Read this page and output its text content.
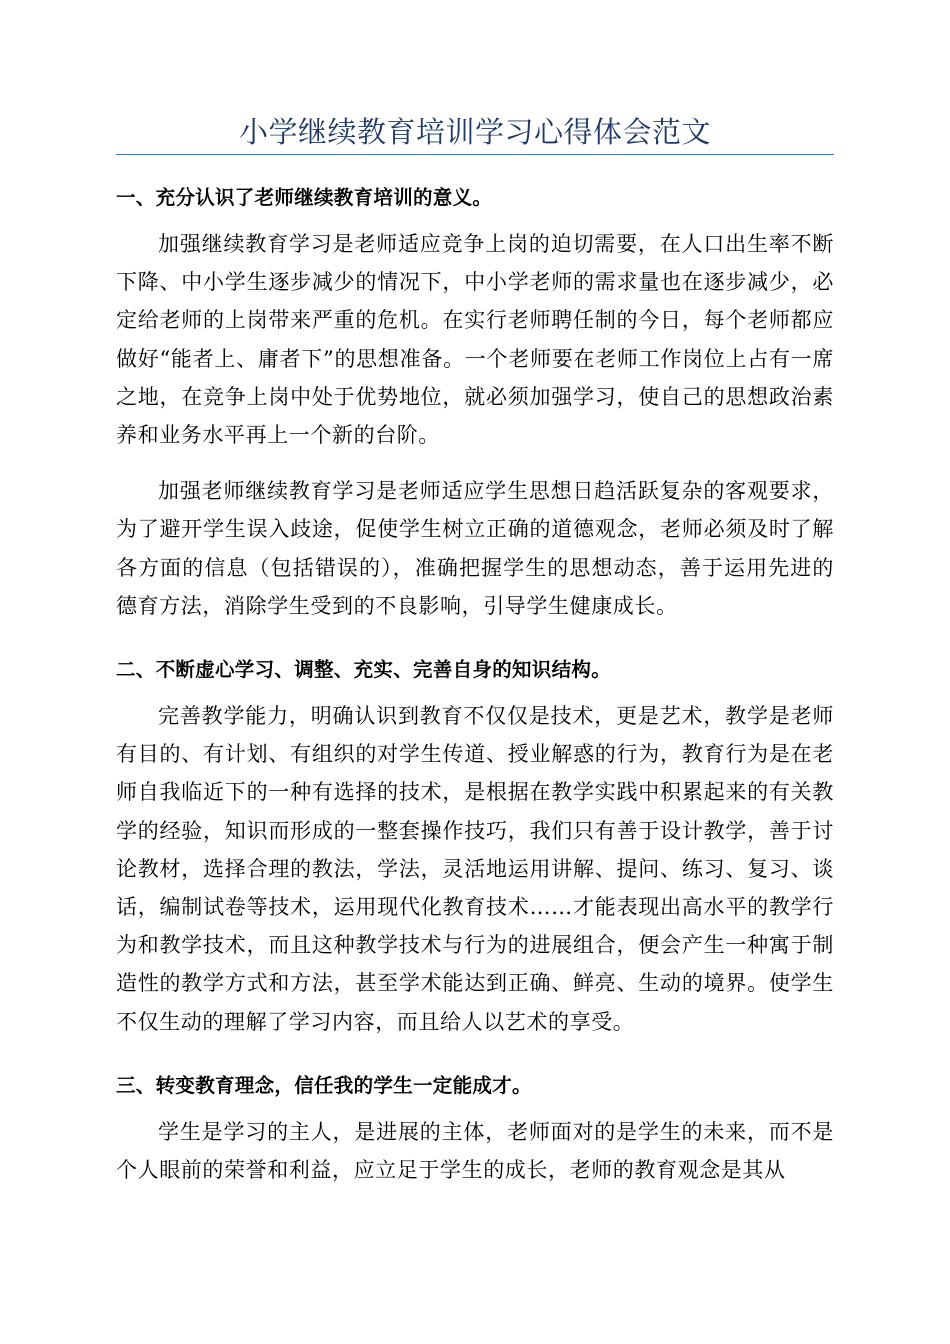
小学继续教育培训学习心得体会范文
一、充分认识了老师继续教育培训的意义。

加强继续教育学习是老师适应竞争上岗的迫切需要，在人口出生率不断下降、中小学生逐步减少的情况下，中小学老师的需求量也在逐步减少，必定给老师的上岗带来严重的危机。在实行老师聘任制的今日，每个老师都应做好“能者上、庸者下”的思想准备。一个老师要在老师工作岗位上占有一席之地，在竞争上岗中处于优势地位，就必须加强学习，使自己的思想政治素养和业务水平再上一个新的台阶。

加强老师继续教育学习是老师适应学生思想日趋活跃复杂的客观要求，为了避开学生误入歧途，促使学生树立正确的道德观念，老师必须及时了解各方面的信息（包括错误的），准确把握学生的思想动态，善于运用先进的德育方法，消除学生受到的不良影响，引导学生健康成长。

二、不断虚心学习、调整、充实、完善自身的知识结构。

完善教学能力，明确认识到教育不仅仅是技术，更是艺术，教学是老师有目的、有计划、有组织的对学生传道、授业解惑的行为，教育行为是在老师自我临近下的一种有选择的技术，是根据在教学实践中积累起来的有关教学的经验，知识而形成的一整套操作技巧，我们只有善于设计教学，善于讨论教材，选择合理的教法，学法，灵活地运用讲解、提问、练习、复习、谈话，编制试卷等技术，运用现代化教育技术……才能表现出高水平的教学行为和教学技术，而且这种教学技术与行为的进展组合，便会产生一种寓于制造性的教学方式和方法，甚至学术能达到正确、鲜亮、生动的境界。使学生不仅生动的理解了学习内容，而且给人以艺术的享受。

三、转变教育理念，信任我的学生一定能成才。

学生是学习的主人，是进展的主体，老师面对的是学生的未来，而不是个人眼前的荣誉和利益，应立足于学生的成长，老师的教育观念是其从
